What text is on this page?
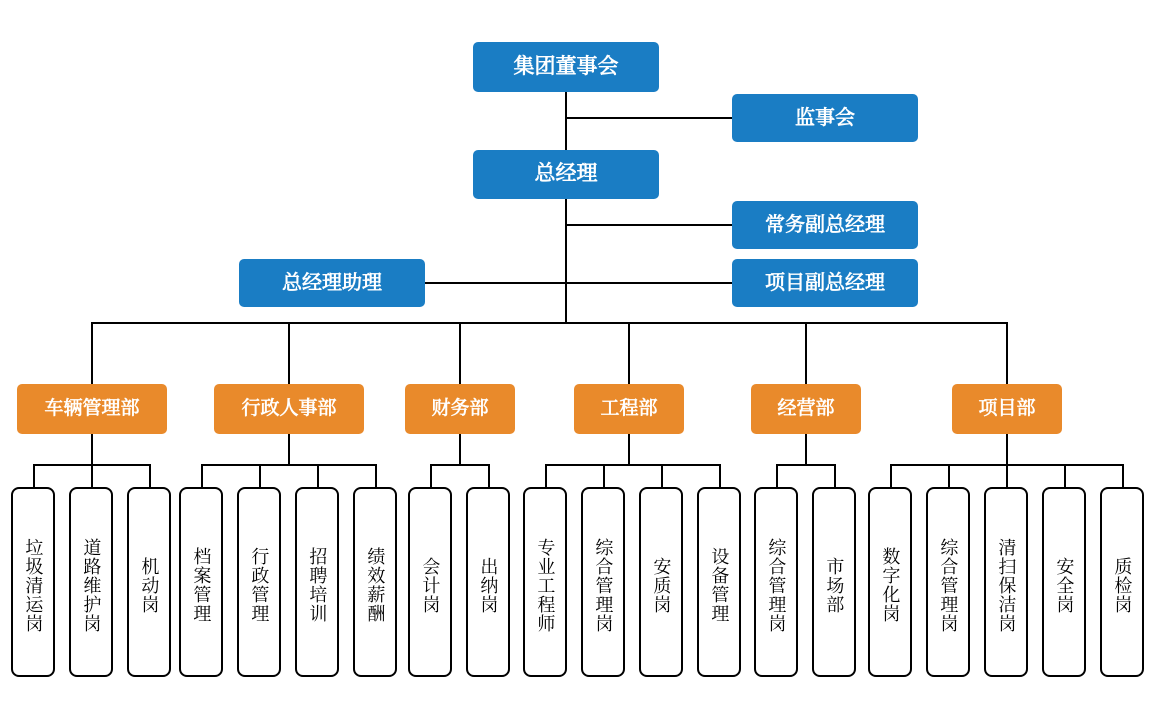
集团董事会
监事会
总经理
常务副总经理
项目副总经理
总经理助理
车辆管理部	行政人事部	财务部	工程部	经营部	项目部
垃圾清运岗 道路维护岗 机动岗 档案管理 行政管理 招聘培训 绩效薪酬 会计岗 出纳岗 专业工程师 综合管理岗 安质岗 设备管理 综合管理岗 市场部 数字化岗 综合管理岗 清扫保洁岗 安全岗 质检岗
